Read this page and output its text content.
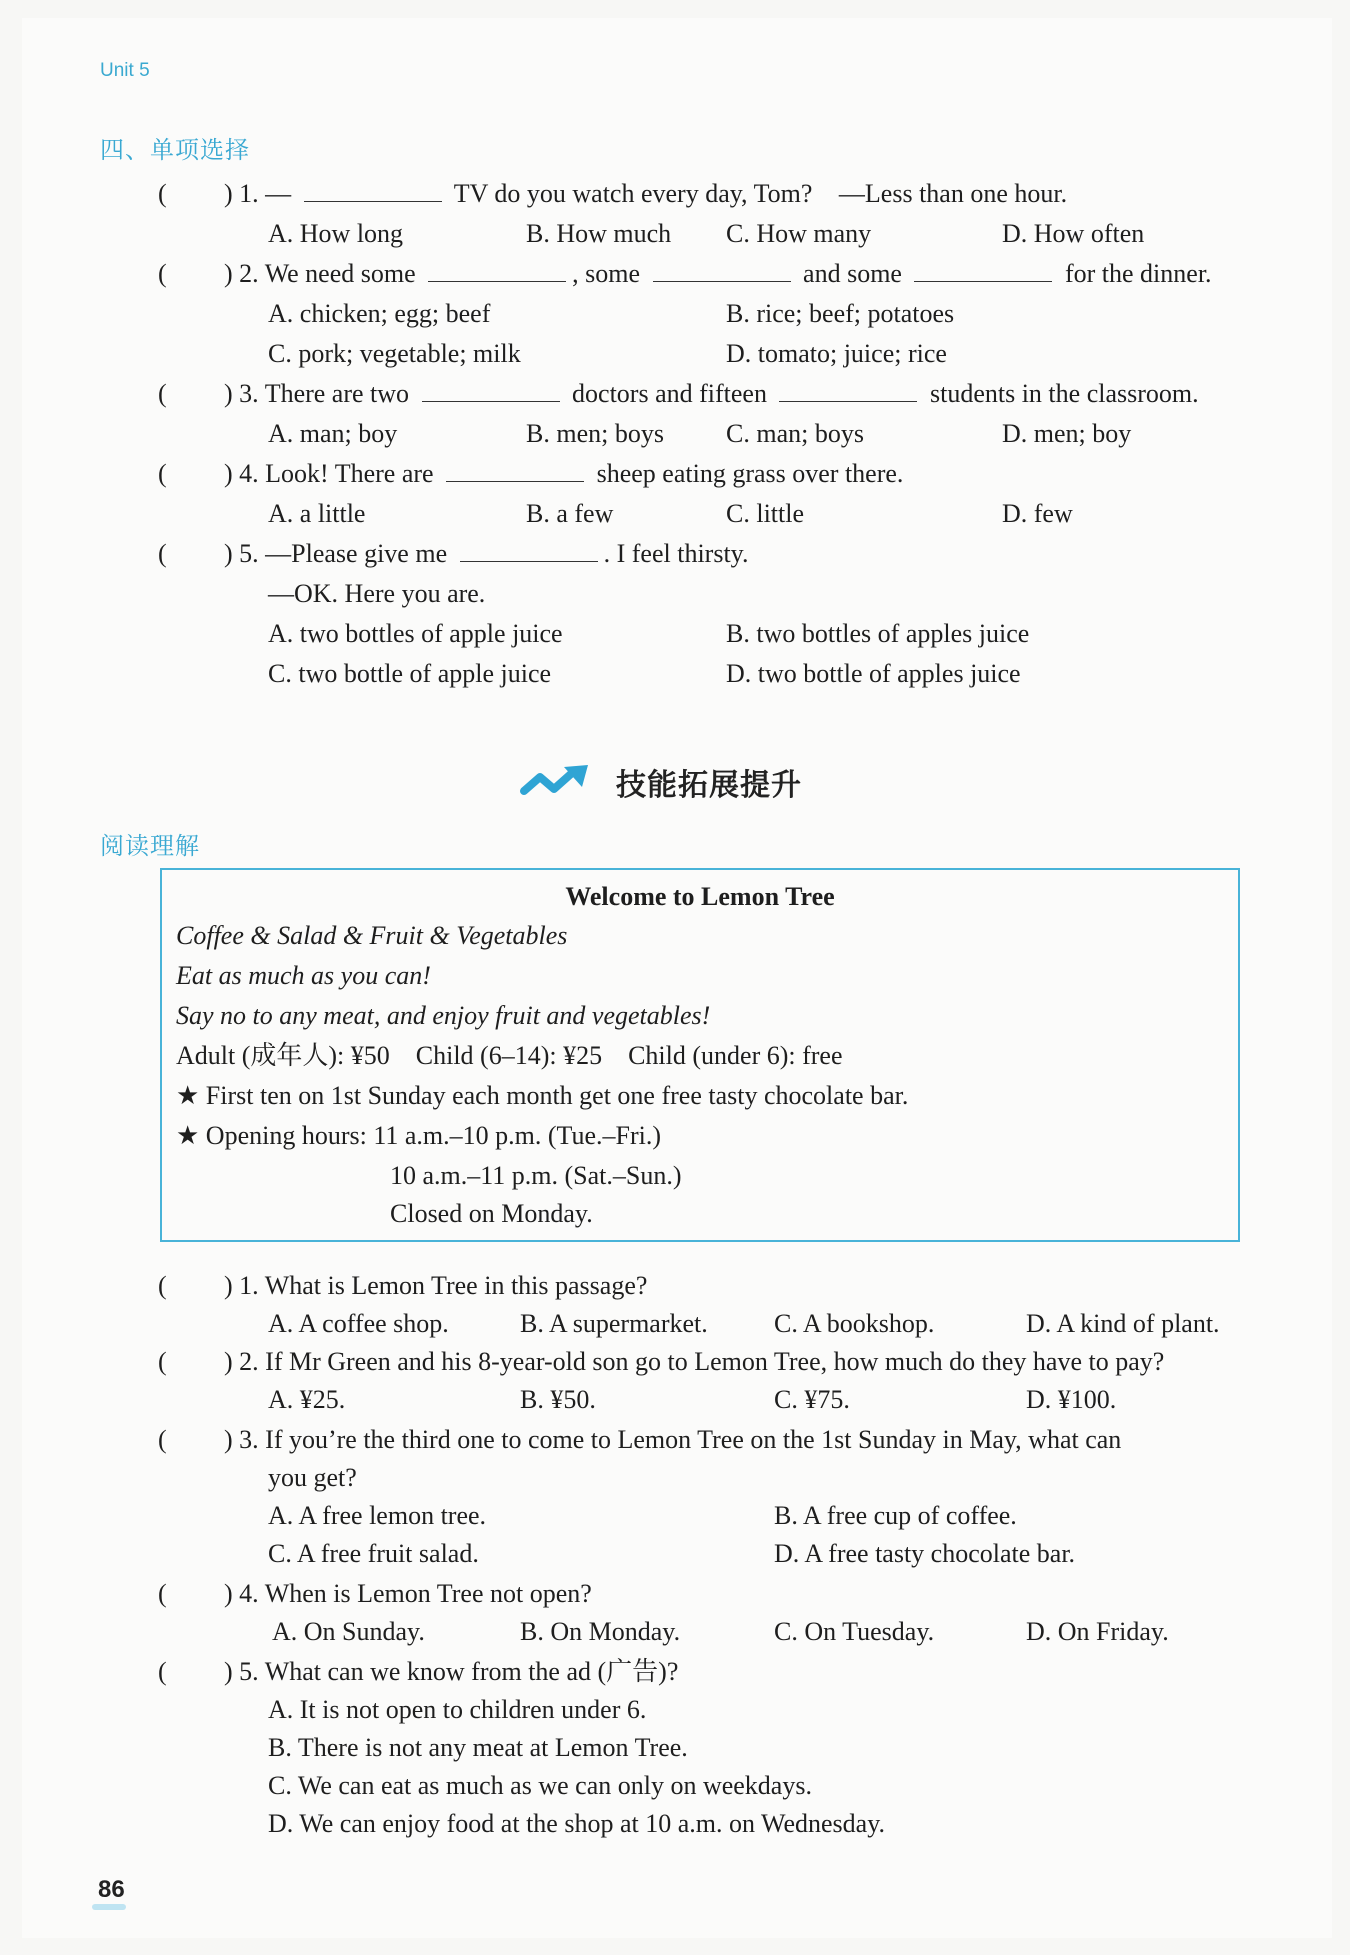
Unit 5
四、单项选择
( ) 1. —	TV do you watch every day, Tom? —Less than one hour.
A. How long	B. How much C. How many	D. How often
( ) 2. We need some	, some	and some	for the dinner.
A. chicken; egg; beef	B. rice; beef; potatoes
C. pork; vegetable; milk	D. tomato; juice; rice
( ) 3. There are two	doctors and fifteen	students in the classroom.
A. man; boy	B. men; boys C. man; boys	D. men; boy
( ) 4. Look! There are	sheep eating grass over there.
A. a little	B. a few	C. little	D. few
( ) 5. —Please give me	. I feel thirsty.
—OK. Here you are.
A. two bottles of apple juice	B. two bottles of apples juice
C. two bottle of apple juice	D. two bottle of apples juice
技能拓展提升
阅读理解
Welcome to Lemon Tree
Coffee & Salad & Fruit & Vegetables
Eat as much as you can!
Say no to any meat, and enjoy fruit and vegetables!
Adult (成年人): ¥50    Child (6–14): ¥25    Child (under 6): free
★ First ten on 1st Sunday each month get one free tasty chocolate bar.
★ Opening hours: 11 a.m.–10 p.m. (Tue.–Fri.)
10 a.m.–11 p.m. (Sat.–Sun.)
Closed on Monday.
( ) 1. What is Lemon Tree in this passage?
A. A coffee shop.	B. A supermarket.	C. A bookshop.	D. A kind of plant.
( ) 2. If Mr Green and his 8-year-old son go to Lemon Tree, how much do they have to pay?
A. ¥25.	B. ¥50.	C. ¥75.	D. ¥100.
( ) 3. If you’re the third one to come to Lemon Tree on the 1st Sunday in May, what can
you get?
A. A free lemon tree.	B. A free cup of coffee.
C. A free fruit salad.	D. A free tasty chocolate bar.
( ) 4. When is Lemon Tree not open?
A. On Sunday.	B. On Monday.	C. On Tuesday.	D. On Friday.
( ) 5. What can we know from the ad (广告)?
A. It is not open to children under 6.
B. There is not any meat at Lemon Tree.
C. We can eat as much as we can only on weekdays.
D. We can enjoy food at the shop at 10 a.m. on Wednesday.
86
